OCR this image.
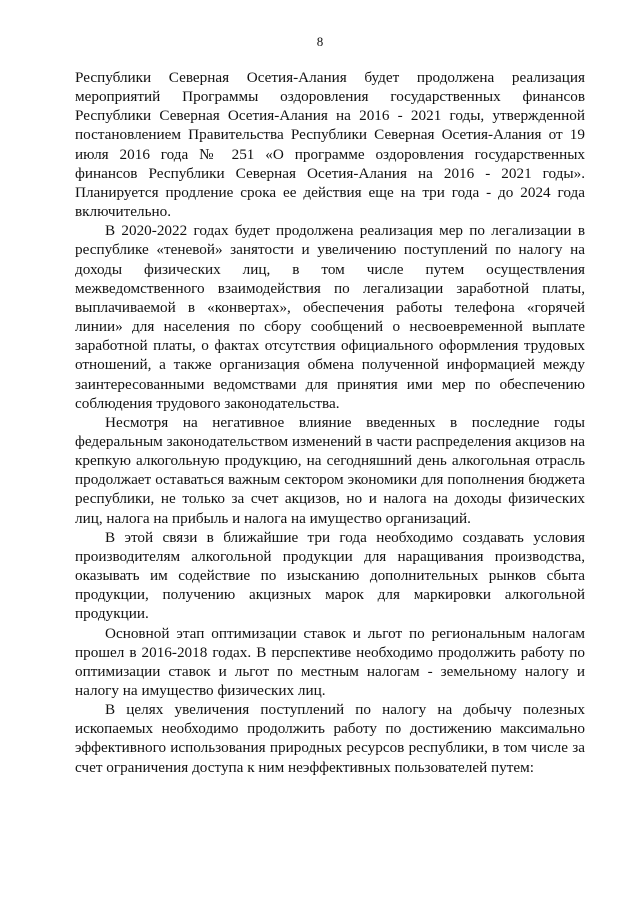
8

Республики Северная Осетия-Алания будет продолжена реализация мероприятий Программы оздоровления государственных финансов Республики Северная Осетия-Алания на 2016 - 2021 годы, утвержденной постановлением Правительства Республики Северная Осетия-Алания от 19 июля 2016 года № 251 «О программе оздоровления государственных финансов Республики Северная Осетия-Алания на 2016 - 2021 годы». Планируется продление срока ее действия еще на три года - до 2024 года включительно.

В 2020-2022 годах будет продолжена реализация мер по легализации в республике «теневой» занятости и увеличению поступлений по налогу на доходы физических лиц, в том числе путем осуществления межведомственного взаимодействия по легализации заработной платы, выплачиваемой в «конвертах», обеспечения работы телефона «горячей линии» для населения по сбору сообщений о несвоевременной выплате заработной платы, о фактах отсутствия официального оформления трудовых отношений, а также организация обмена полученной информацией между заинтересованными ведомствами для принятия ими мер по обеспечению соблюдения трудового законодательства.

Несмотря на негативное влияние введенных в последние годы федеральным законодательством изменений в части распределения акцизов на крепкую алкогольную продукцию, на сегодняшний день алкогольная отрасль продолжает оставаться важным сектором экономики для пополнения бюджета республики, не только за счет акцизов, но и налога на доходы физических лиц, налога на прибыль и налога на имущество организаций.

В этой связи в ближайшие три года необходимо создавать условия производителям алкогольной продукции для наращивания производства, оказывать им содействие по изысканию дополнительных рынков сбыта продукции, получению акцизных марок для маркировки алкогольной продукции.

Основной этап оптимизации ставок и льгот по региональным налогам прошел в 2016-2018 годах. В перспективе необходимо продолжить работу по оптимизации ставок и льгот по местным налогам - земельному налогу и налогу на имущество физических лиц.

В целях увеличения поступлений по налогу на добычу полезных ископаемых необходимо продолжить работу по достижению максимально эффективного использования природных ресурсов республики, в том числе за счет ограничения доступа к ним неэффективных пользователей путем:
